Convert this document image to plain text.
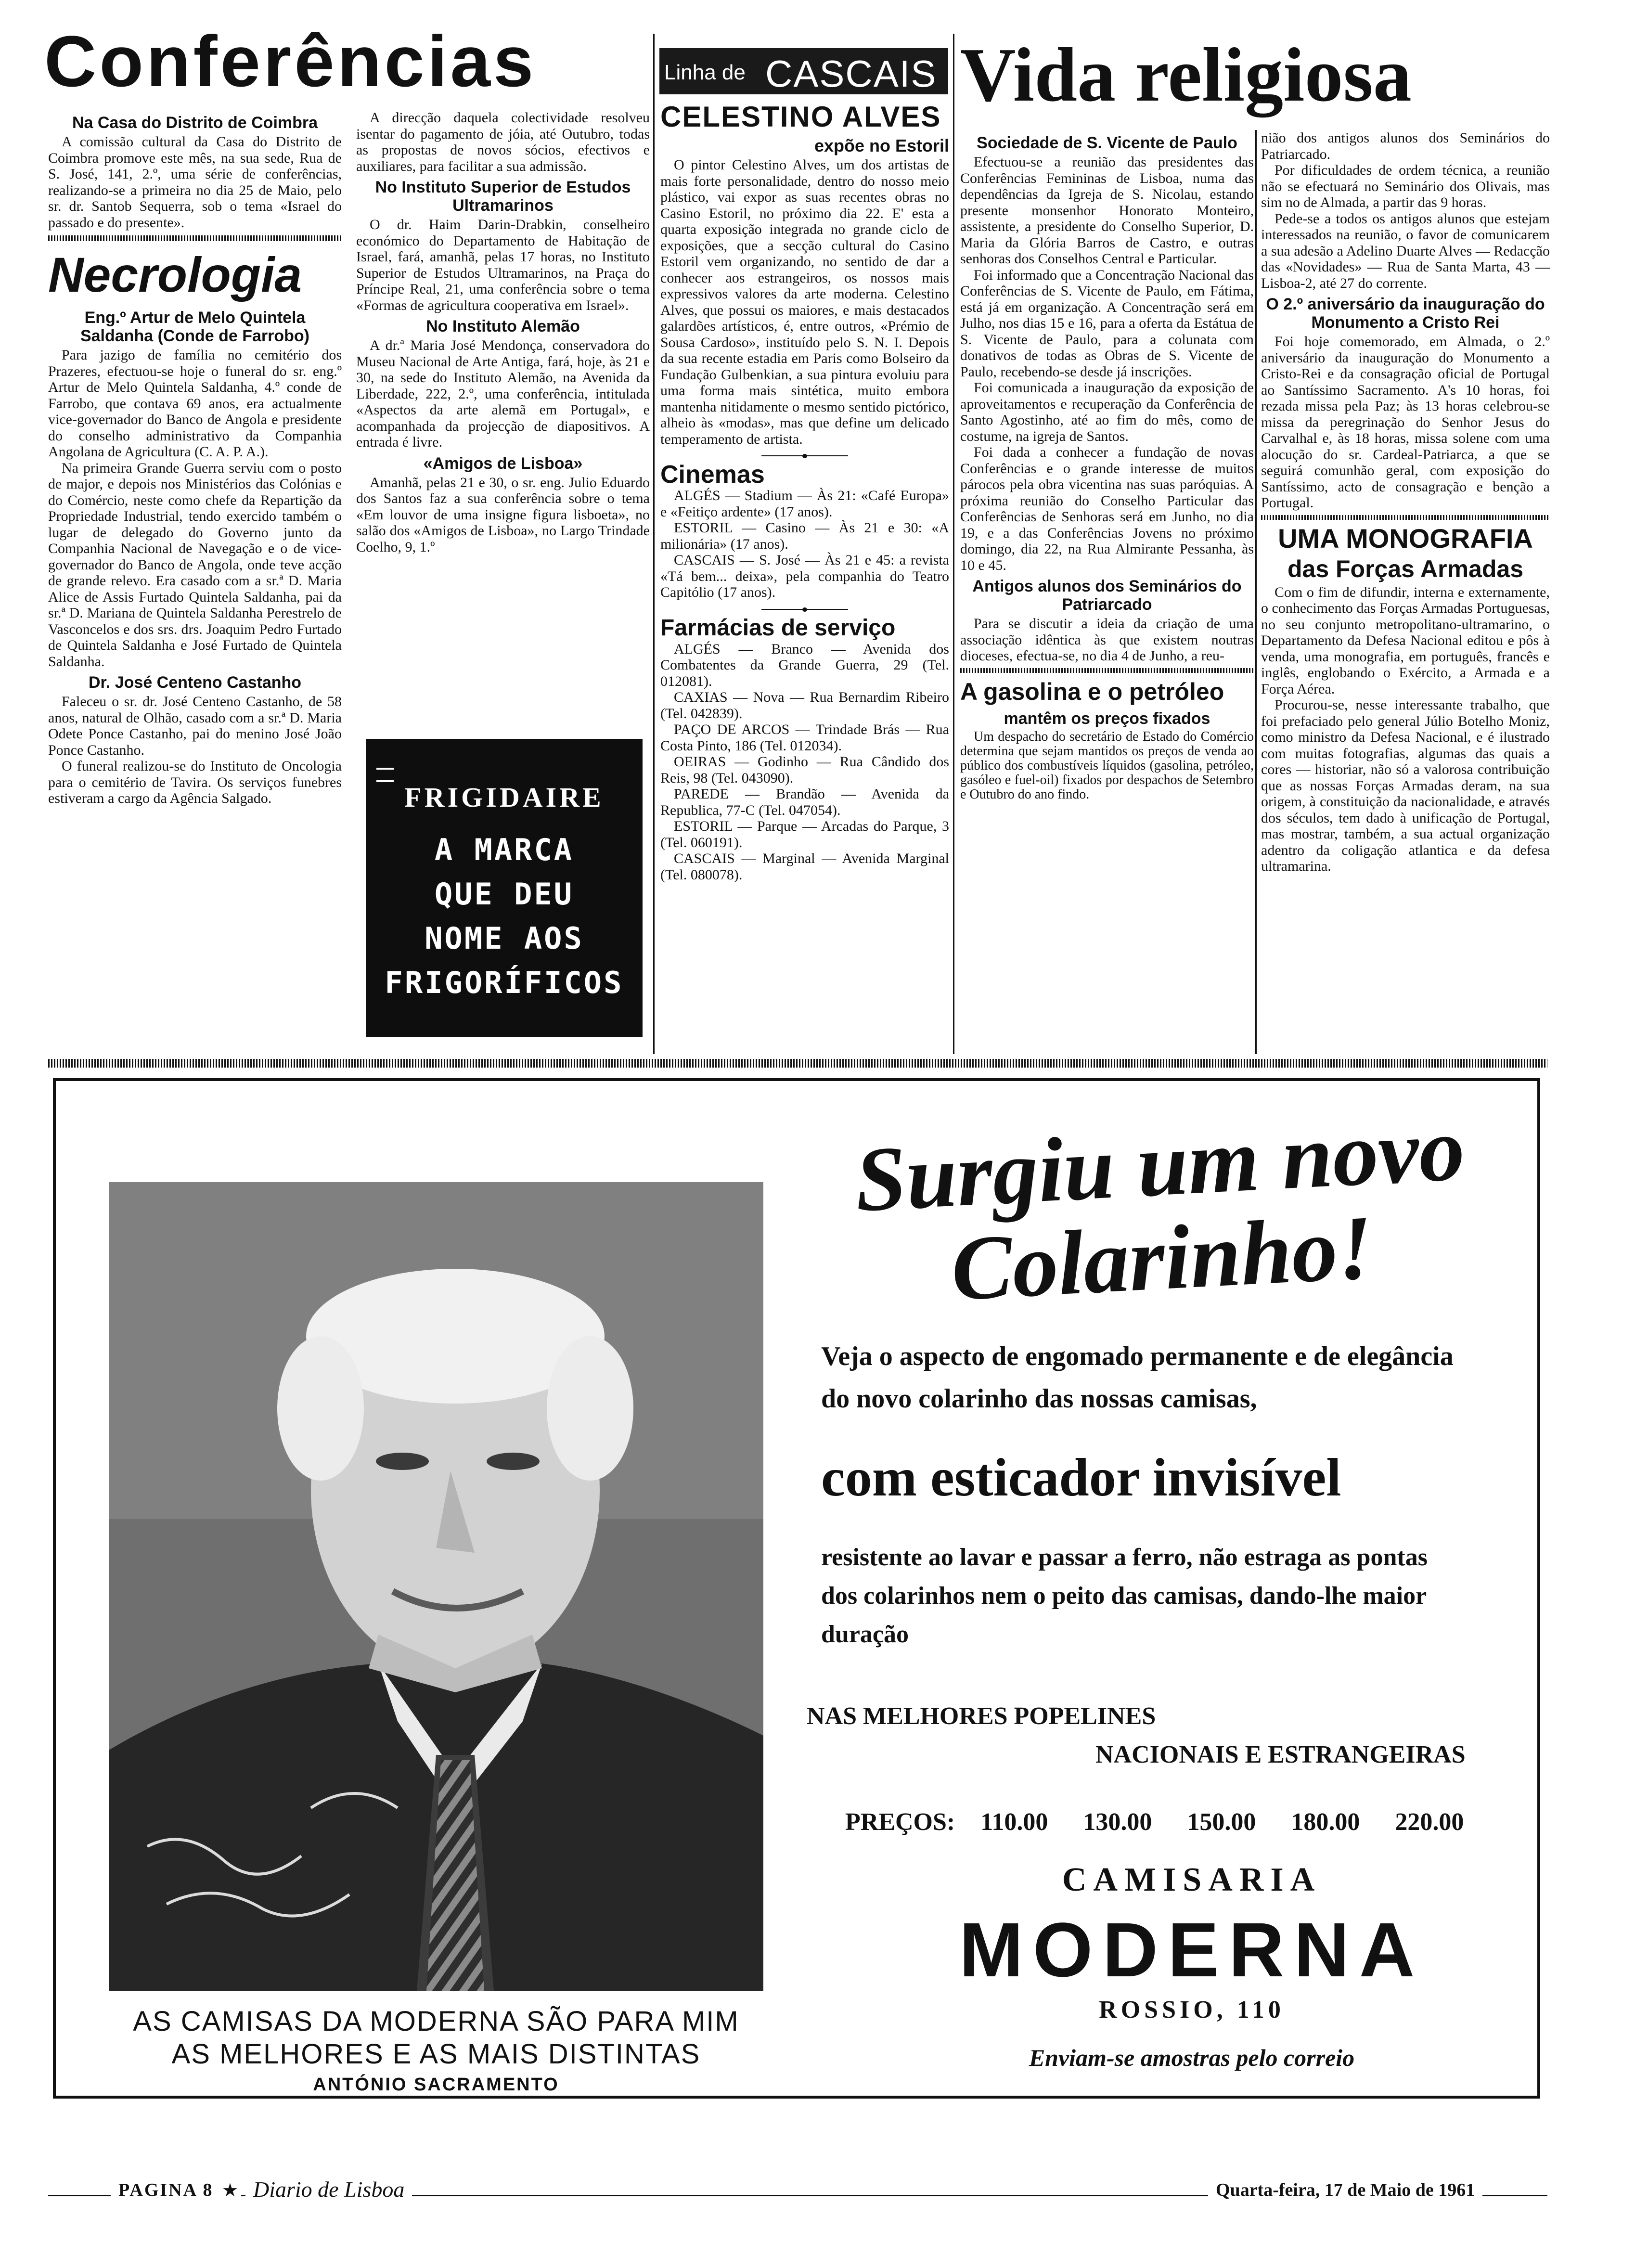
Conferências
Na Casa do Distrito de Coimbra

A comissão cultural da Casa do Distrito de Coimbra promove este mês, na sua sede, Rua de S. José, 141, 2.º, uma série de conferências, realizando-se a primeira no dia 25 de Maio, pelo sr. dr. Santob Sequerra, sob o tema «Israel do passado e do presente».

Necrologia
Eng.º Artur de Melo Quintela Saldanha (Conde de Farrobo)

Para jazigo de família no cemitério dos Prazeres, efectuou-se hoje o funeral do sr. eng.º Artur de Melo Quintela Saldanha, 4.º conde de Farrobo, que contava 69 anos, era actualmente vice-governador do Banco de Angola e presidente do conselho administrativo da Companhia Angolana de Agricultura (C. A. P. A.).

Na primeira Grande Guerra serviu com o posto de major, e depois nos Ministérios das Colónias e do Comércio, neste como chefe da Repartição da Propriedade Industrial, tendo exercido também o lugar de delegado do Governo junto da Companhia Nacional de Navegação e o de vice-governador do Banco de Angola, onde teve acção de grande relevo. Era casado com a sr.ª D. Maria Alice de Assis Furtado Quintela Saldanha, pai da sr.ª D. Mariana de Quintela Saldanha Perestrelo de Vasconcelos e dos srs. drs. Joaquim Pedro Furtado de Quintela Saldanha e José Furtado de Quintela Saldanha.

Dr. José Centeno Castanho

Faleceu o sr. dr. José Centeno Castanho, de 58 anos, natural de Olhão, casado com a sr.ª D. Maria Odete Ponce Castanho, pai do menino José João Ponce Castanho.

O funeral realizou-se do Instituto de Oncologia para o cemitério de Tavira. Os serviços funebres estiveram a cargo da Agência Salgado.

A direcção daquela colectividade resolveu isentar do pagamento de jóia, até Outubro, todas as propostas de novos sócios, efectivos e auxiliares, para facilitar a sua admissão.

No Instituto Superior de Estudos Ultramarinos

O dr. Haim Darin-Drabkin, conselheiro económico do Departamento de Habitação de Israel, fará, amanhã, pelas 17 horas, no Instituto Superior de Estudos Ultramarinos, na Praça do Príncipe Real, 21, uma conferência sobre o tema «Formas de agricultura cooperativa em Israel».

No Instituto Alemão

A dr.ª Maria José Mendonça, conservadora do Museu Nacional de Arte Antiga, fará, hoje, às 21 e 30, na sede do Instituto Alemão, na Avenida da Liberdade, 222, 2.º, uma conferência, intitulada «Aspectos da arte alemã em Portugal», e acompanhada da projecção de diapositivos. A entrada é livre.

«Amigos de Lisboa»

Amanhã, pelas 21 e 30, o sr. eng. Julio Eduardo dos Santos faz a sua conferência sobre o tema «Em louvor de uma insigne figura lisboeta», no salão dos «Amigos de Lisboa», no Largo Trindade Coelho, 9, 1.º

FRIGIDAIRE
A MARCA
QUE DEU
NOME AOS
FRIGORÍFICOS
Linha de CASCAIS
CELESTINO ALVES
expõe no Estoril

O pintor Celestino Alves, um dos artistas de mais forte personalidade, dentro do nosso meio plástico, vai expor as suas recentes obras no Casino Estoril, no próximo dia 22. E' esta a quarta exposição integrada no grande ciclo de exposições, que a secção cultural do Casino Estoril vem organizando, no sentido de dar a conhecer aos estrangeiros, os nossos mais expressivos valores da arte moderna. Celestino Alves, que possui os maiores, e mais destacados galardões artísticos, é, entre outros, «Prémio de Sousa Cardoso», instituído pelo S. N. I. Depois da sua recente estadia em Paris como Bolseiro da Fundação Gulbenkian, a sua pintura evoluiu para uma forma mais sintética, muito embora mantenha nitidamente o mesmo sentido pictórico, alheio às «modas», mas que define um delicado temperamento de artista.

Cinemas

ALGÉS — Stadium — Às 21: «Café Europa» e «Feitiço ardente» (17 anos).

ESTORIL — Casino — Às 21 e 30: «A milionária» (17 anos).

CASCAIS — S. José — Às 21 e 45: a revista «Tá bem... deixa», pela companhia do Teatro Capitólio (17 anos).

Farmácias de serviço

ALGÉS — Branco — Avenida dos Combatentes da Grande Guerra, 29 (Tel. 012081).

CAXIAS — Nova — Rua Bernardim Ribeiro (Tel. 042839).

PAÇO DE ARCOS — Trindade Brás — Rua Costa Pinto, 186 (Tel. 012034).

OEIRAS — Godinho — Rua Cândido dos Reis, 98 (Tel. 043090).

PAREDE — Brandão — Avenida da Republica, 77-C (Tel. 047054).

ESTORIL — Parque — Arcadas do Parque, 3 (Tel. 060191).

CASCAIS — Marginal — Avenida Marginal (Tel. 080078).

Vida religiosa
Sociedade de S. Vicente de Paulo

Efectuou-se a reunião das presidentes das Conferências Femininas de Lisboa, numa das dependências da Igreja de S. Nicolau, estando presente monsenhor Honorato Monteiro, assistente, a presidente do Conselho Superior, D. Maria da Glória Barros de Castro, e outras senhoras dos Conselhos Central e Particular.

Foi informado que a Concentração Nacional das Conferências de S. Vicente de Paulo, em Fátima, está já em organização. A Concentração será em Julho, nos dias 15 e 16, para a oferta da Estátua de S. Vicente de Paulo, para a colunata com donativos de todas as Obras de S. Vicente de Paulo, recebendo-se desde já inscrições.

Foi comunicada a inauguração da exposição de aproveitamentos e recuperação da Conferência de Santo Agostinho, até ao fim do mês, como de costume, na igreja de Santos.

Foi dada a conhecer a fundação de novas Conferências e o grande interesse de muitos párocos pela obra vicentina nas suas paróquias. A próxima reunião do Conselho Particular das Conferências de Senhoras será em Junho, no dia 19, e a das Conferências Jovens no próximo domingo, dia 22, na Rua Almirante Pessanha, às 10 e 45.

Antigos alunos dos Seminários do Patriarcado

Para se discutir a ideia da criação de uma associação idêntica às que existem noutras dioceses, efectua-se, no dia 4 de Junho, a reu-

A gasolina e o petróleo
mantêm os preços fixados

Um despacho do secretário de Estado do Comércio determina que sejam mantidos os preços de venda ao público dos combustíveis líquidos (gasolina, petróleo, gasóleo e fuel-oil) fixados por despachos de Setembro e Outubro do ano findo.

nião dos antigos alunos dos Seminários do Patriarcado.

Por dificuldades de ordem técnica, a reunião não se efectuará no Seminário dos Olivais, mas sim no de Almada, a partir das 9 horas.

Pede-se a todos os antigos alunos que estejam interessados na reunião, o favor de comunicarem a sua adesão a Adelino Duarte Alves — Redacção das «Novidades» — Rua de Santa Marta, 43 — Lisboa-2, até 27 do corrente.

O 2.º aniversário da inauguração do Monumento a Cristo Rei

Foi hoje comemorado, em Almada, o 2.º aniversário da inauguração do Monumento a Cristo-Rei e da consagração oficial de Portugal ao Santíssimo Sacramento. A's 10 horas, foi rezada missa pela Paz; às 13 horas celebrou-se missa da peregrinação do Senhor Jesus do Carvalhal e, às 18 horas, missa solene com uma alocução do sr. Cardeal-Patriarca, a que se seguirá comunhão geral, com exposição do Santíssimo, acto de consagração e benção a Portugal.

UMA MONOGRAFIA
das Forças Armadas

Com o fim de difundir, interna e externamente, o conhecimento das Forças Armadas Portuguesas, no seu conjunto metropolitano-ultramarino, o Departamento da Defesa Nacional editou e pôs à venda, uma monografia, em português, francês e inglês, englobando o Exército, a Armada e a Força Aérea.

Procurou-se, nesse interessante trabalho, que foi prefaciado pelo general Júlio Botelho Moniz, como ministro da Defesa Nacional, e é ilustrado com muitas fotografias, algumas das quais a cores — historiar, não só a valorosa contribuição que as nossas Forças Armadas deram, na sua origem, à constituição da nacionalidade, e através dos séculos, tem dado à unificação de Portugal, mas mostrar, também, a sua actual organização adentro da coligação atlantica e da defesa ultramarina.

AS CAMISAS DA MODERNA SÃO PARA MIM
AS MELHORES E AS MAIS DISTINTAS
ANTÓNIO SACRAMENTO
Surgiu um novo
Colarinho!
Veja o aspecto de engomado permanente e de elegância
do novo colarinho das nossas camisas,
com esticador invisível
resistente ao lavar e passar a ferro, não estraga as pontas
dos colarinhos nem o peito das camisas, dando-lhe maior
duração
NAS MELHORES POPELINES
NACIONAIS E ESTRANGEIRAS
PREÇOS: 110.00 130.00 150.00 180.00 220.00
CAMISARIA
MODERNA
ROSSIO, 110
Enviam-se amostras pelo correio
PAGINA 8 ★ Diario de Lisboa	Quarta-feira, 17 de Maio de 1961
